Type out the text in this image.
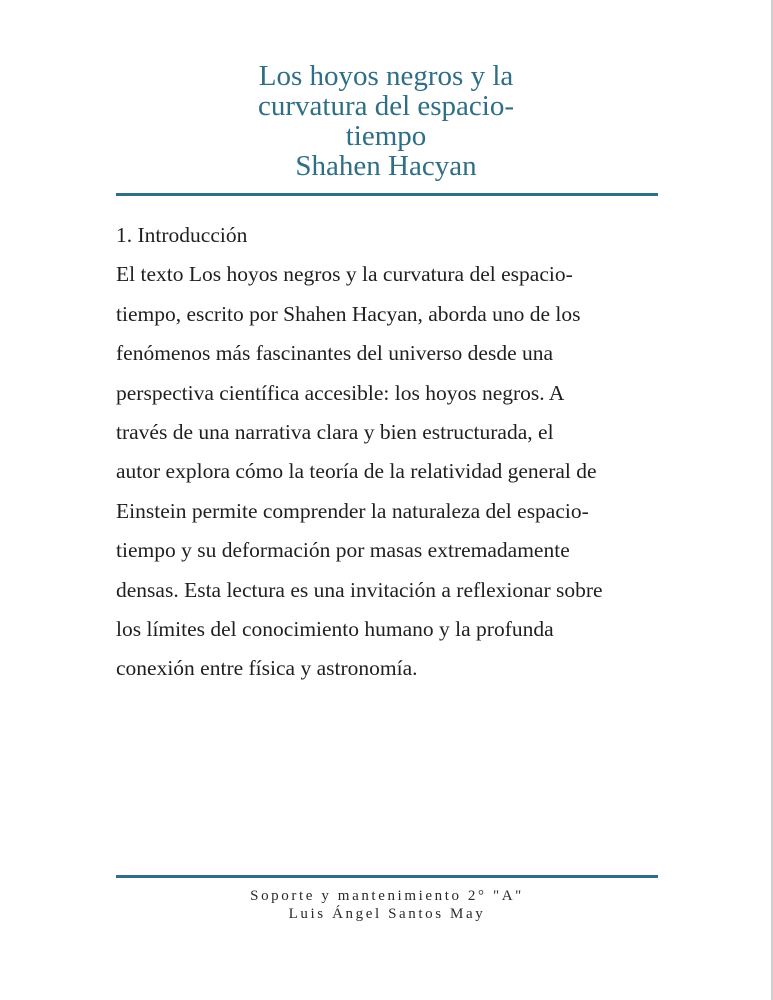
Los hoyos negros y la
curvatura del espacio-
tiempo
Shahen Hacyan
1. Introducción
El texto Los hoyos negros y la curvatura del espacio-
tiempo, escrito por Shahen Hacyan, aborda uno de los
fenómenos más fascinantes del universo desde una
perspectiva científica accesible: los hoyos negros. A
través de una narrativa clara y bien estructurada, el
autor explora cómo la teoría de la relatividad general de
Einstein permite comprender la naturaleza del espacio-
tiempo y su deformación por masas extremadamente
densas. Esta lectura es una invitación a reflexionar sobre
los límites del conocimiento humano y la profunda
conexión entre física y astronomía.
Soporte y mantenimiento 2° "A"
Luis Ángel Santos May
